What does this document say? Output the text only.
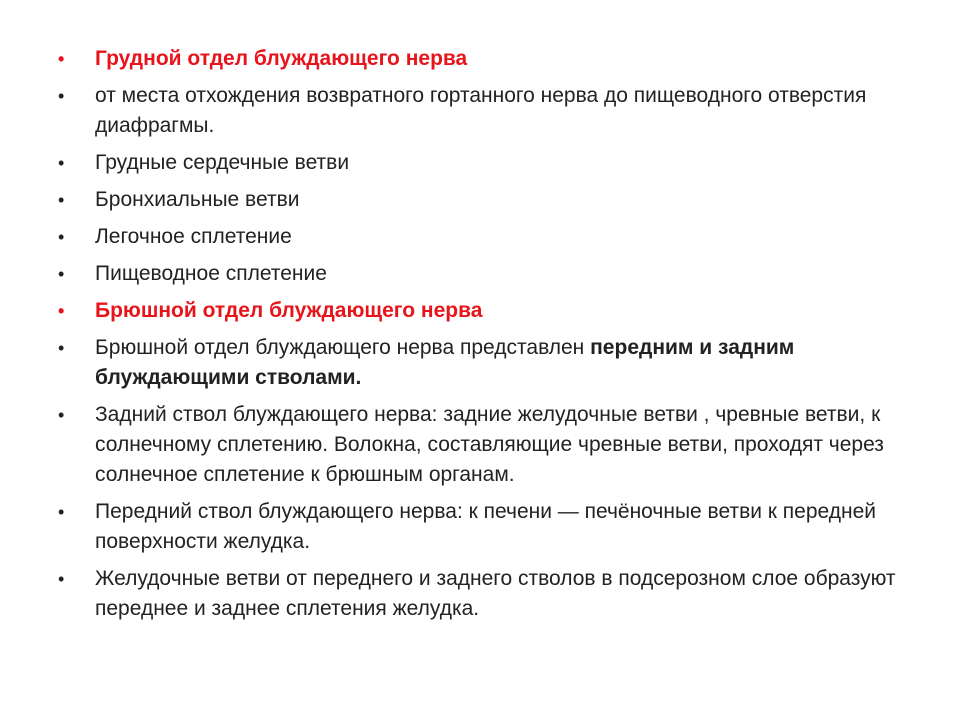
• Грудной отдел блуждающего нерва
• от места отхождения возвратного гортанного нерва до пищеводного отверстия диафрагмы.
• Грудные сердечные ветви
• Бронхиальные ветви
• Легочное сплетение
• Пищеводное сплетение
• Брюшной отдел блуждающего нерва
• Брюшной отдел блуждающего нерва представлен передним и задним блуждающими стволами.
• Задний ствол блуждающего нерва: задние желудочные ветви , чревные ветви, к солнечному сплетению. Волокна, составляющие чревные ветви, проходят через солнечное сплетение к брюшным органам.
• Передний ствол блуждающего нерва: к печени — печёночные ветви к передней поверхности желудка.
• Желудочные ветви от переднего и заднего стволов в подсерозном слое образуют переднее и заднее сплетения желудка.
